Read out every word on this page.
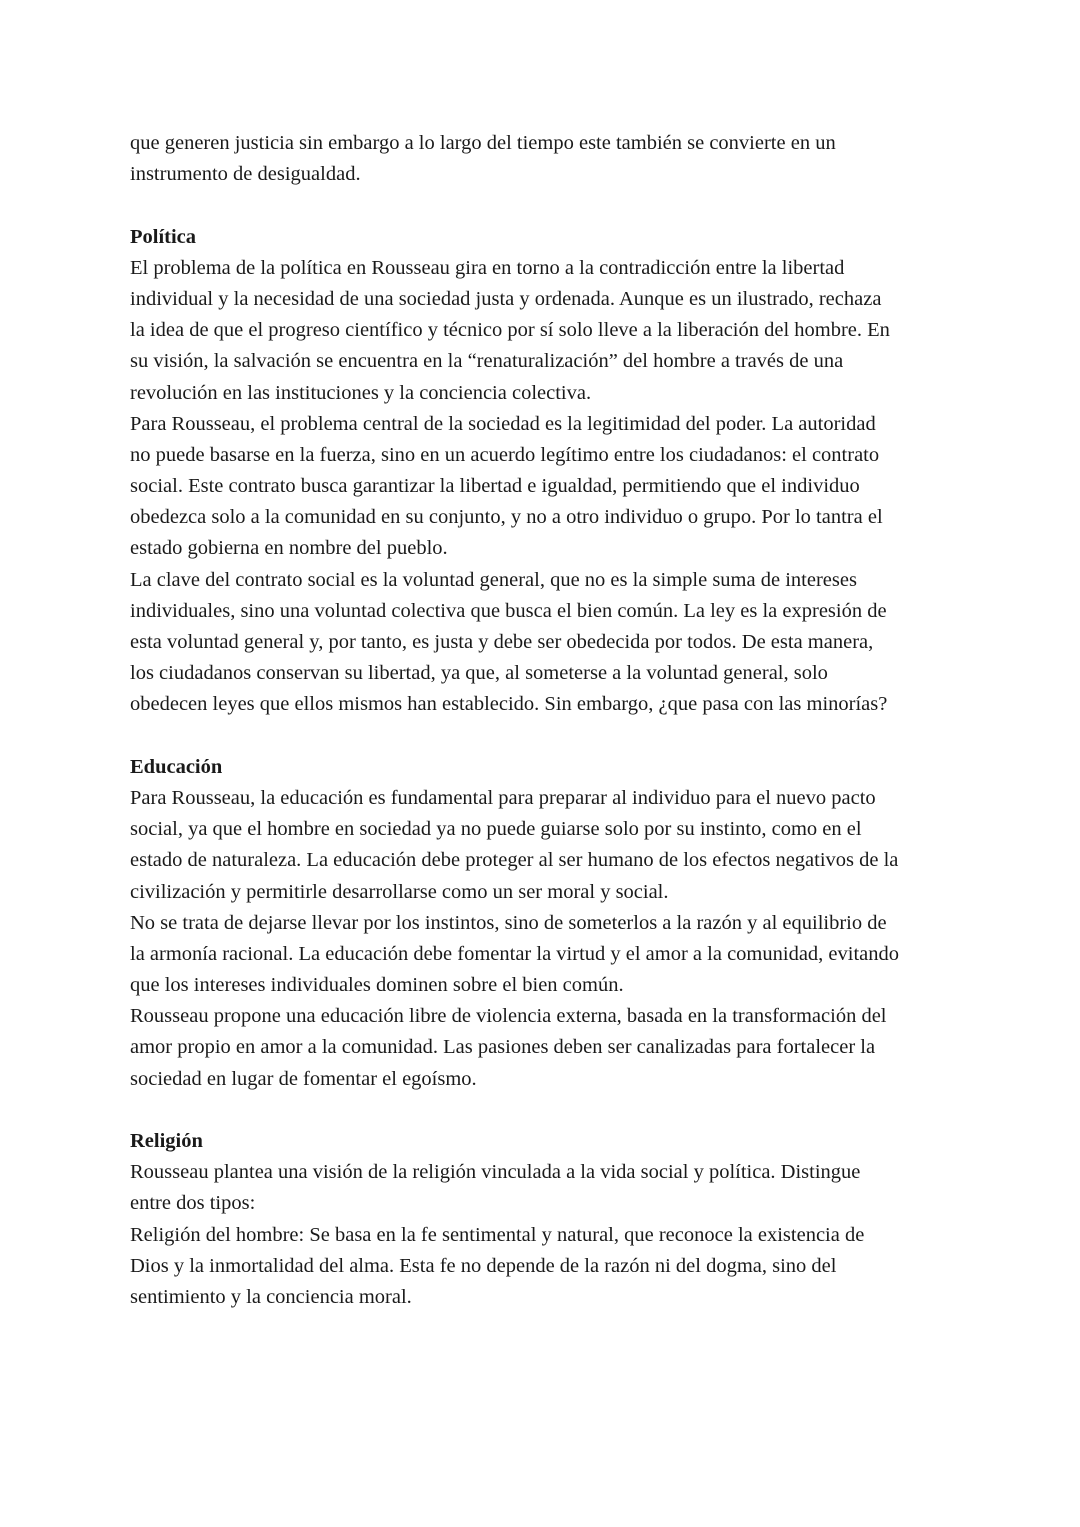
que generen justicia sin embargo a lo largo del tiempo este también se convierte en un
instrumento de desigualdad.
Política
El problema de la política en Rousseau gira en torno a la contradicción entre la libertad
individual y la necesidad de una sociedad justa y ordenada. Aunque es un ilustrado, rechaza
la idea de que el progreso científico y técnico por sí solo lleve a la liberación del hombre. En
su visión, la salvación se encuentra en la “renaturalización” del hombre a través de una
revolución en las instituciones y la conciencia colectiva.
Para Rousseau, el problema central de la sociedad es la legitimidad del poder. La autoridad
no puede basarse en la fuerza, sino en un acuerdo legítimo entre los ciudadanos: el contrato
social. Este contrato busca garantizar la libertad e igualdad, permitiendo que el individuo
obedezca solo a la comunidad en su conjunto, y no a otro individuo o grupo. Por lo tantra el
estado gobierna en nombre del pueblo.
La clave del contrato social es la voluntad general, que no es la simple suma de intereses
individuales, sino una voluntad colectiva que busca el bien común. La ley es la expresión de
esta voluntad general y, por tanto, es justa y debe ser obedecida por todos. De esta manera,
los ciudadanos conservan su libertad, ya que, al someterse a la voluntad general, solo
obedecen leyes que ellos mismos han establecido. Sin embargo, ¿que pasa con las minorías?
Educación
Para Rousseau, la educación es fundamental para preparar al individuo para el nuevo pacto
social, ya que el hombre en sociedad ya no puede guiarse solo por su instinto, como en el
estado de naturaleza. La educación debe proteger al ser humano de los efectos negativos de la
civilización y permitirle desarrollarse como un ser moral y social.
No se trata de dejarse llevar por los instintos, sino de someterlos a la razón y al equilibrio de
la armonía racional. La educación debe fomentar la virtud y el amor a la comunidad, evitando
que los intereses individuales dominen sobre el bien común.
Rousseau propone una educación libre de violencia externa, basada en la transformación del
amor propio en amor a la comunidad. Las pasiones deben ser canalizadas para fortalecer la
sociedad en lugar de fomentar el egoísmo.
Religión
Rousseau plantea una visión de la religión vinculada a la vida social y política. Distingue
entre dos tipos:
Religión del hombre: Se basa en la fe sentimental y natural, que reconoce la existencia de
Dios y la inmortalidad del alma. Esta fe no depende de la razón ni del dogma, sino del
sentimiento y la conciencia moral.
